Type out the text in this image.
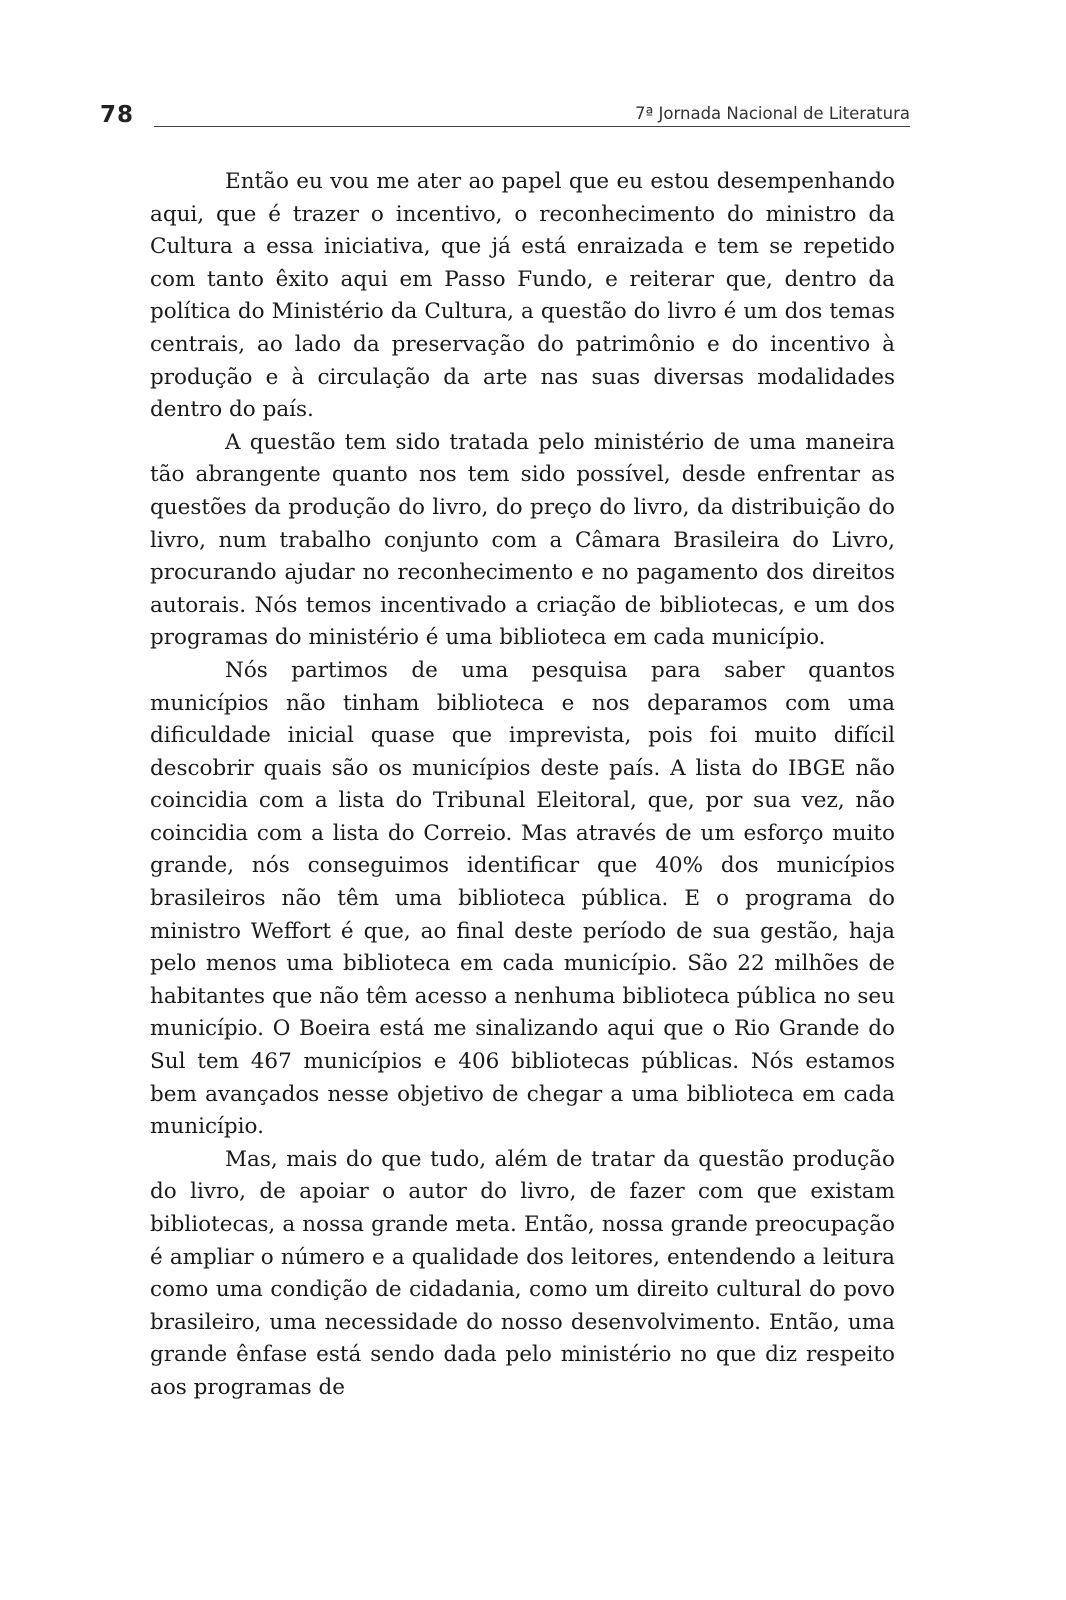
78	7ª Jornada Nacional de Literatura

Então eu vou me ater ao papel que eu estou desempenhando aqui, que é trazer o incentivo, o reconhecimento do ministro da Cultura a essa iniciativa, que já está enraizada e tem se repetido com tanto êxito aqui em Passo Fundo, e reiterar que, dentro da política do Ministério da Cultura, a questão do livro é um dos temas centrais, ao lado da preservação do patrimônio e do incentivo à produção e à circulação da arte nas suas diversas modalidades dentro do país.

A questão tem sido tratada pelo ministério de uma maneira tão abrangente quanto nos tem sido possível, desde enfrentar as questões da produção do livro, do preço do livro, da distribuição do livro, num trabalho conjunto com a Câmara Brasileira do Livro, procurando ajudar no reconhecimento e no pagamento dos direitos autorais. Nós temos incentivado a criação de bibliotecas, e um dos programas do ministério é uma biblioteca em cada município.

Nós partimos de uma pesquisa para saber quantos municípios não tinham biblioteca e nos deparamos com uma dificuldade inicial quase que imprevista, pois foi muito difícil descobrir quais são os municípios deste país. A lista do IBGE não coincidia com a lista do Tribunal Eleitoral, que, por sua vez, não coincidia com a lista do Correio. Mas através de um esforço muito grande, nós conseguimos identificar que 40% dos municípios brasileiros não têm uma biblioteca pública. E o programa do ministro Weffort é que, ao final deste período de sua gestão, haja pelo menos uma biblioteca em cada município. São 22 milhões de habitantes que não têm acesso a nenhuma biblioteca pública no seu município. O Boeira está me sinalizando aqui que o Rio Grande do Sul tem 467 municípios e 406 bibliotecas públicas. Nós estamos bem avançados nesse objetivo de chegar a uma biblioteca em cada município.

Mas, mais do que tudo, além de tratar da questão produção do livro, de apoiar o autor do livro, de fazer com que existam bibliotecas, a nossa grande meta. Então, nossa grande preocupação é ampliar o número e a qualidade dos leitores, entendendo a leitura como uma condição de cidadania, como um direito cultural do povo brasileiro, uma necessidade do nosso desenvolvimento. Então, uma grande ênfase está sendo dada pelo ministério no que diz respeito aos programas de
